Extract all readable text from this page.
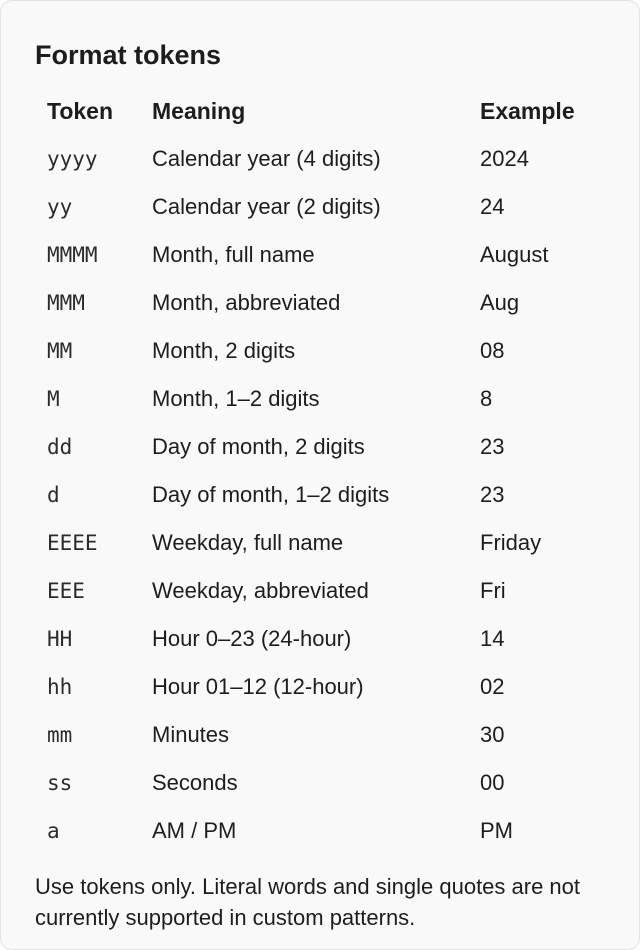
Format tokens
Token	Meaning	Example
yyyy	Calendar year (4 digits)	2024
yy	Calendar year (2 digits)	24
MMMM	Month, full name	August
MMM	Month, abbreviated	Aug
MM	Month, 2 digits	08
M	Month, 1–2 digits	8
dd	Day of month, 2 digits	23
d	Day of month, 1–2 digits	23
EEEE	Weekday, full name	Friday
EEE	Weekday, abbreviated	Fri
HH	Hour 0–23 (24-hour)	14
hh	Hour 01–12 (12-hour)	02
mm	Minutes	30
ss	Seconds	00
a	AM / PM	PM

Use tokens only. Literal words and single quotes are not currently supported in custom patterns.
